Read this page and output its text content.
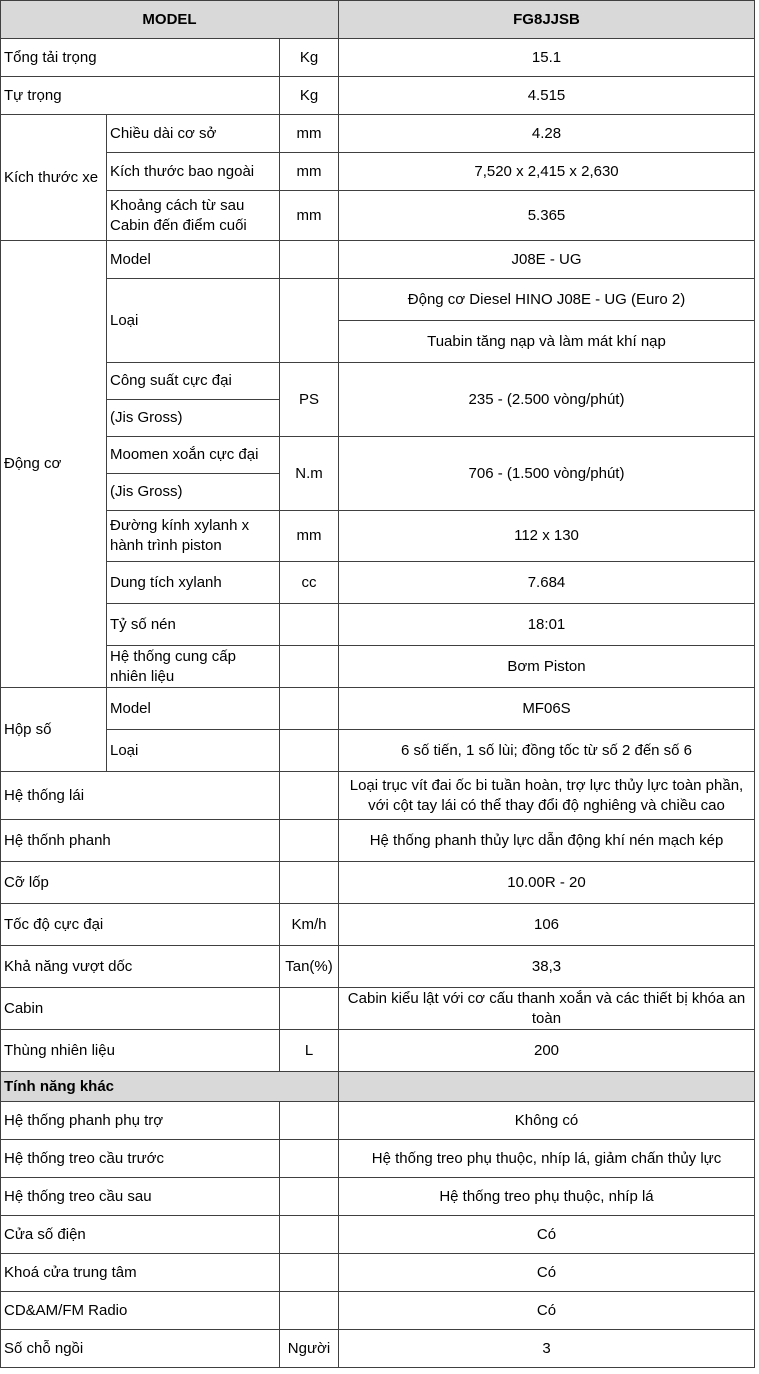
MODEL			FG8JJSB
Tổng tải trọng		Kg	15.1
Tự trọng		Kg	4.515
Kích thước xe	Chiều dài cơ sở	mm	4.28
	Kích thước bao ngoài	mm	7,520 x 2,415 x 2,630
	Khoảng cách từ sau Cabin đến điểm cuối	mm	5.365
Động cơ	Model		J08E - UG
	Loại		Động cơ Diesel HINO J08E - UG (Euro 2)
			Tuabin tăng nạp và làm mát khí nạp
	Công suất cực đại	PS	235 - (2.500 vòng/phút)
	(Jis Gross)		
	Moomen xoắn cực đại	N.m	706 - (1.500 vòng/phút)
	(Jis Gross)		
	Đường kính xylanh x hành trình piston	mm	112 x 130
	Dung tích xylanh	cc	7.684
	Tỷ số nén		18:01
	Hệ thống cung cấp nhiên liệu		Bơm Piston
Hộp số	Model		MF06S
	Loại		6 số tiến, 1 số lùi; đồng tốc từ số 2 đến số 6
Hệ thống lái			Loại trục vít đai ốc bi tuần hoàn, trợ lực thủy lực toàn phần, với cột tay lái có thể thay đổi độ nghiêng và chiều cao
Hệ thốnh phanh			Hệ thống phanh thủy lực dẫn động khí nén mạch kép
Cỡ lốp			10.00R - 20
Tốc độ cực đại		Km/h	106
Khả năng vượt dốc		Tan(%)	38,3
Cabin			Cabin kiểu lật với cơ cấu thanh xoắn và các thiết bị khóa an toàn
Thùng nhiên liệu		L	200
Tính năng khác			
Hệ thống phanh phụ trợ			Không có
Hệ thống treo cầu trước			Hệ thống treo phụ thuộc, nhíp lá, giảm chấn thủy lực
Hệ thống treo cầu sau			Hệ thống treo phụ thuộc, nhíp lá
Cửa số điện			Có
Khoá cửa trung tâm			Có
CD&AM/FM Radio			Có
Số chỗ ngồi		Người	3
